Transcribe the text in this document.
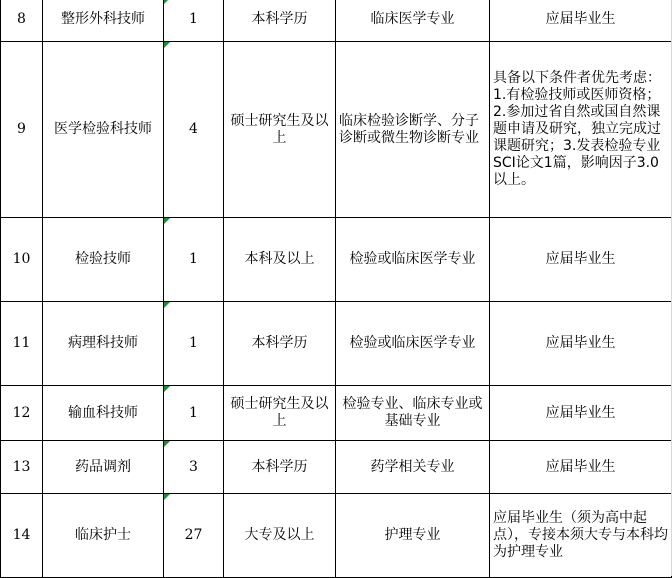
8	整形外科技师	1	本科学历	临床医学专业	应届毕业生
9	医学检验科技师	4	硕士研究生及以上	临床检验诊断学、分子诊断或微生物诊断专业	具备以下条件者优先考虑：1.有检验技师或医师资格；2.参加过省自然或国自然课题申请及研究，独立完成过课题研究；3.发表检验专业SCI论文1篇，影响因子3.0以上。
10	检验技师	1	本科及以上	检验或临床医学专业	应届毕业生
11	病理科技师	1	本科学历	检验或临床医学专业	应届毕业生
12	输血科技师	1	硕士研究生及以上	检验专业、临床专业或基础专业	应届毕业生
13	药品调剂	3	本科学历	药学相关专业	应届毕业生
14	临床护士	27	大专及以上	护理专业	应届毕业生（须为高中起点），专接本须大专与本科均为护理专业
